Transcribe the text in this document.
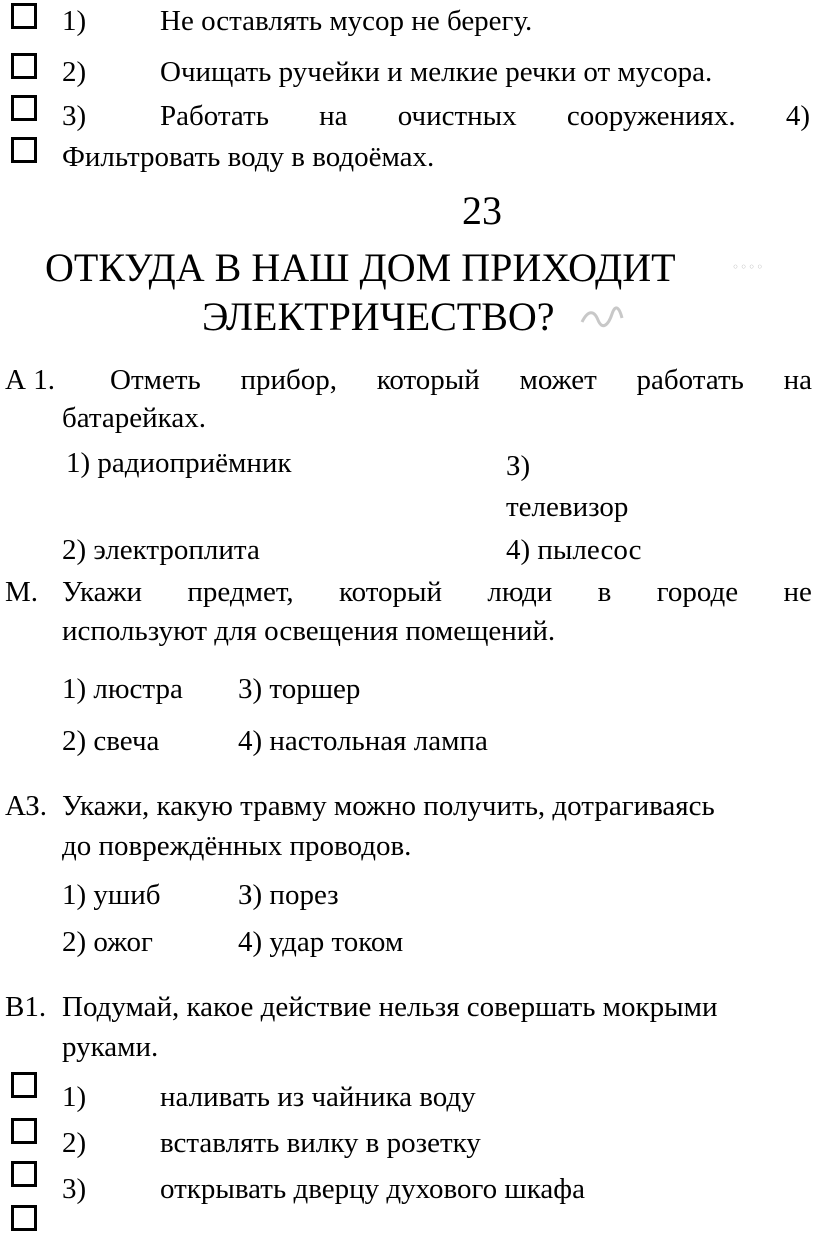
1)	Не оставлять мусор не берегу.
2)	Очищать ручейки и мелкие речки от мусора.
3)	Работать на очистных сооружениях. 4)
Фильтровать воду в водоёмах.
23
ОТКУДА В НАШ ДОМ ПРИХОДИТ	◦◦◦◦
ЭЛЕКТРИЧЕСТВО?
А 1. Отметь прибор, который может работать на
батарейках.
1) радиоприёмник	З)
телевизор
2) электроплита	4) пылесос
М. Укажи предмет, который люди в городе не
используют для освещения помещений.
1) люстра 3) торшер
2) свеча	4) настольная лампа
АЗ. Укажи, какую травму можно получить, дотрагиваясь
до повреждённых проводов.
1) ушиб	З) порез
2) ожог	4) удар током
В1. Подумай, какое действие нельзя совершать мокрыми
руками.
1)	наливать из чайника воду
2)	вставлять вилку в розетку
3)	открывать дверцу духового шкафа
